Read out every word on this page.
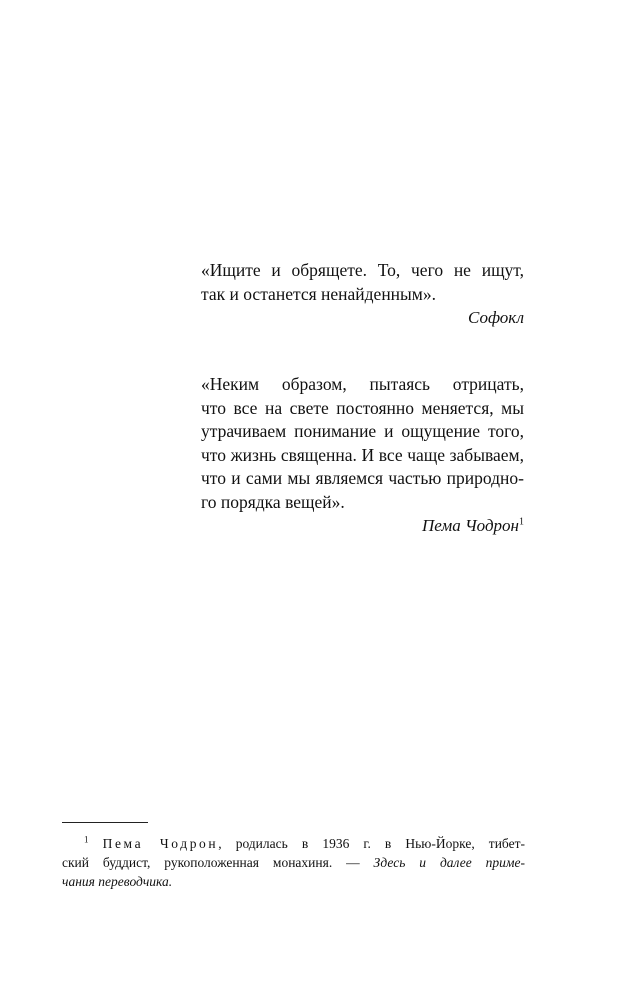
«Ищите и обрящете. То, чего не ищут,
так и останется ненайденным».

Софокл

«Неким образом, пытаясь отрицать,
что все на свете постоянно меняется, мы
утрачиваем понимание и ощущение того,
что жизнь священна. И все чаще забываем,
что и сами мы являемся частью природно-
го порядка вещей».

Пема Чодрон$^1$
$^1$ Пема Чодрон, родилась в 1936 г. в Нью-Йорке, тибет-
ский буддист, рукоположенная монахиня. — Здесь и далее приме-
чания переводчика.
